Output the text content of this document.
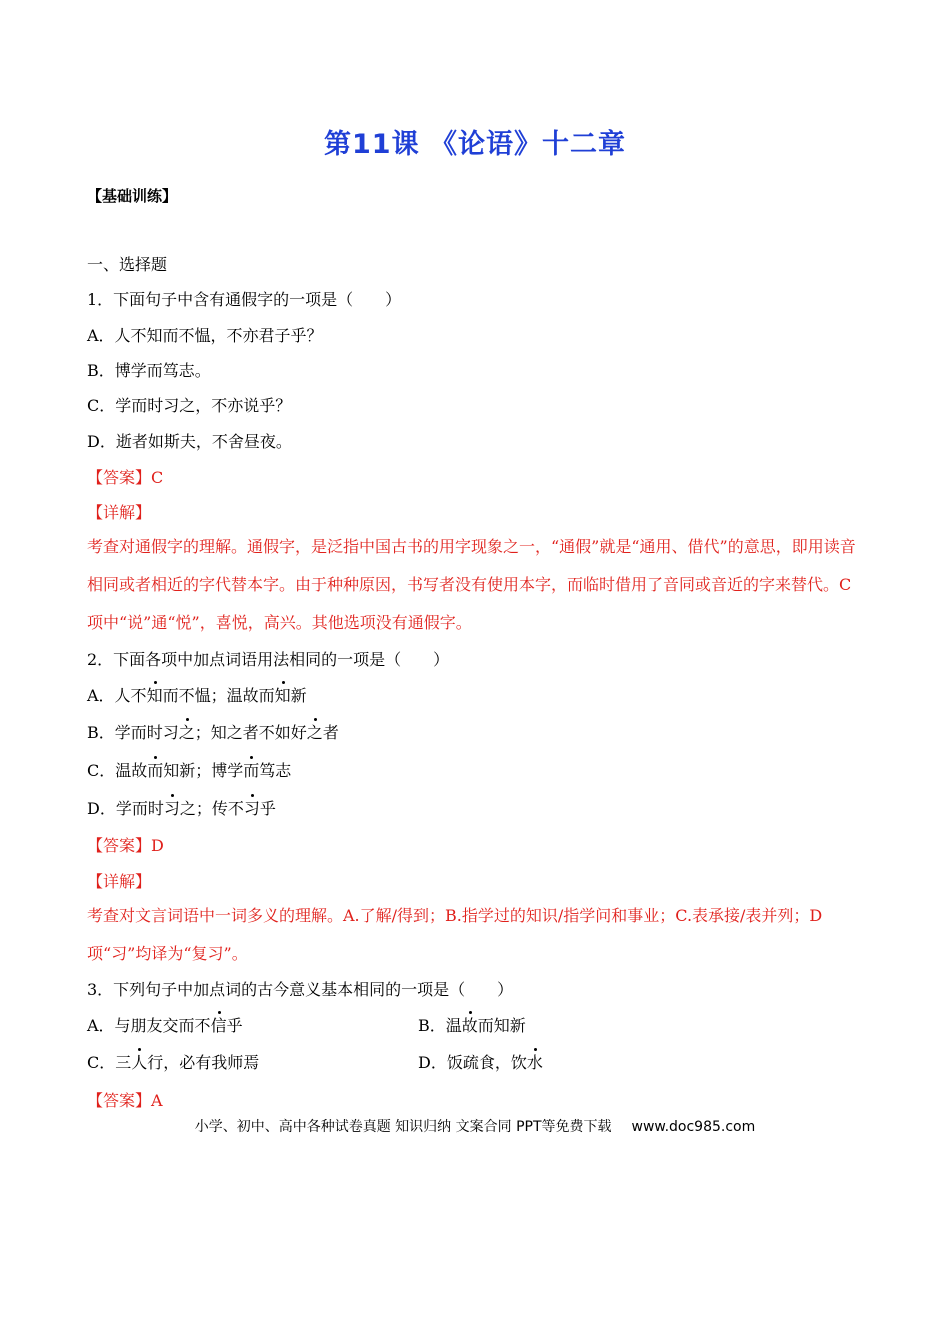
第11课 《论语》十二章
【基础训练】
一、选择题
1．下面句子中含有通假字的一项是（　　）
A．人不知而不愠，不亦君子乎？
B．博学而笃志。
C．学而时习之，不亦说乎？
D．逝者如斯夫，不舍昼夜。
【答案】C
【详解】
考查对通假字的理解。通假字，是泛指中国古书的用字现象之一，“通假”就是“通用、借代”的意思，即用读音相同或者相近的字代替本字。由于种种原因，书写者没有使用本字，而临时借用了音同或音近的字来替代。C项中“说”通“悦”，喜悦，高兴。其他选项没有通假字。
2．下面各项中加点词语用法相同的一项是（　　）
A．人不知而不愠；温故而知新
B．学而时习之；知之者不如好之者
C．温故而知新；博学而笃志
D．学而时习之；传不习乎
【答案】D
【详解】
考查对文言词语中一词多义的理解。A.了解/得到；B.指学过的知识/指学问和事业；C.表承接/表并列；D项“习”均译为“复习”。
3．下列句子中加点词的古今意义基本相同的一项是（　　）
A．与朋友交而不信乎	B．温故而知新
C．三人行，必有我师焉	D．饭疏食，饮水
【答案】A
小学、初中、高中各种试卷真题 知识归纳 文案合同 PPT等免费下载 www.doc985.com
